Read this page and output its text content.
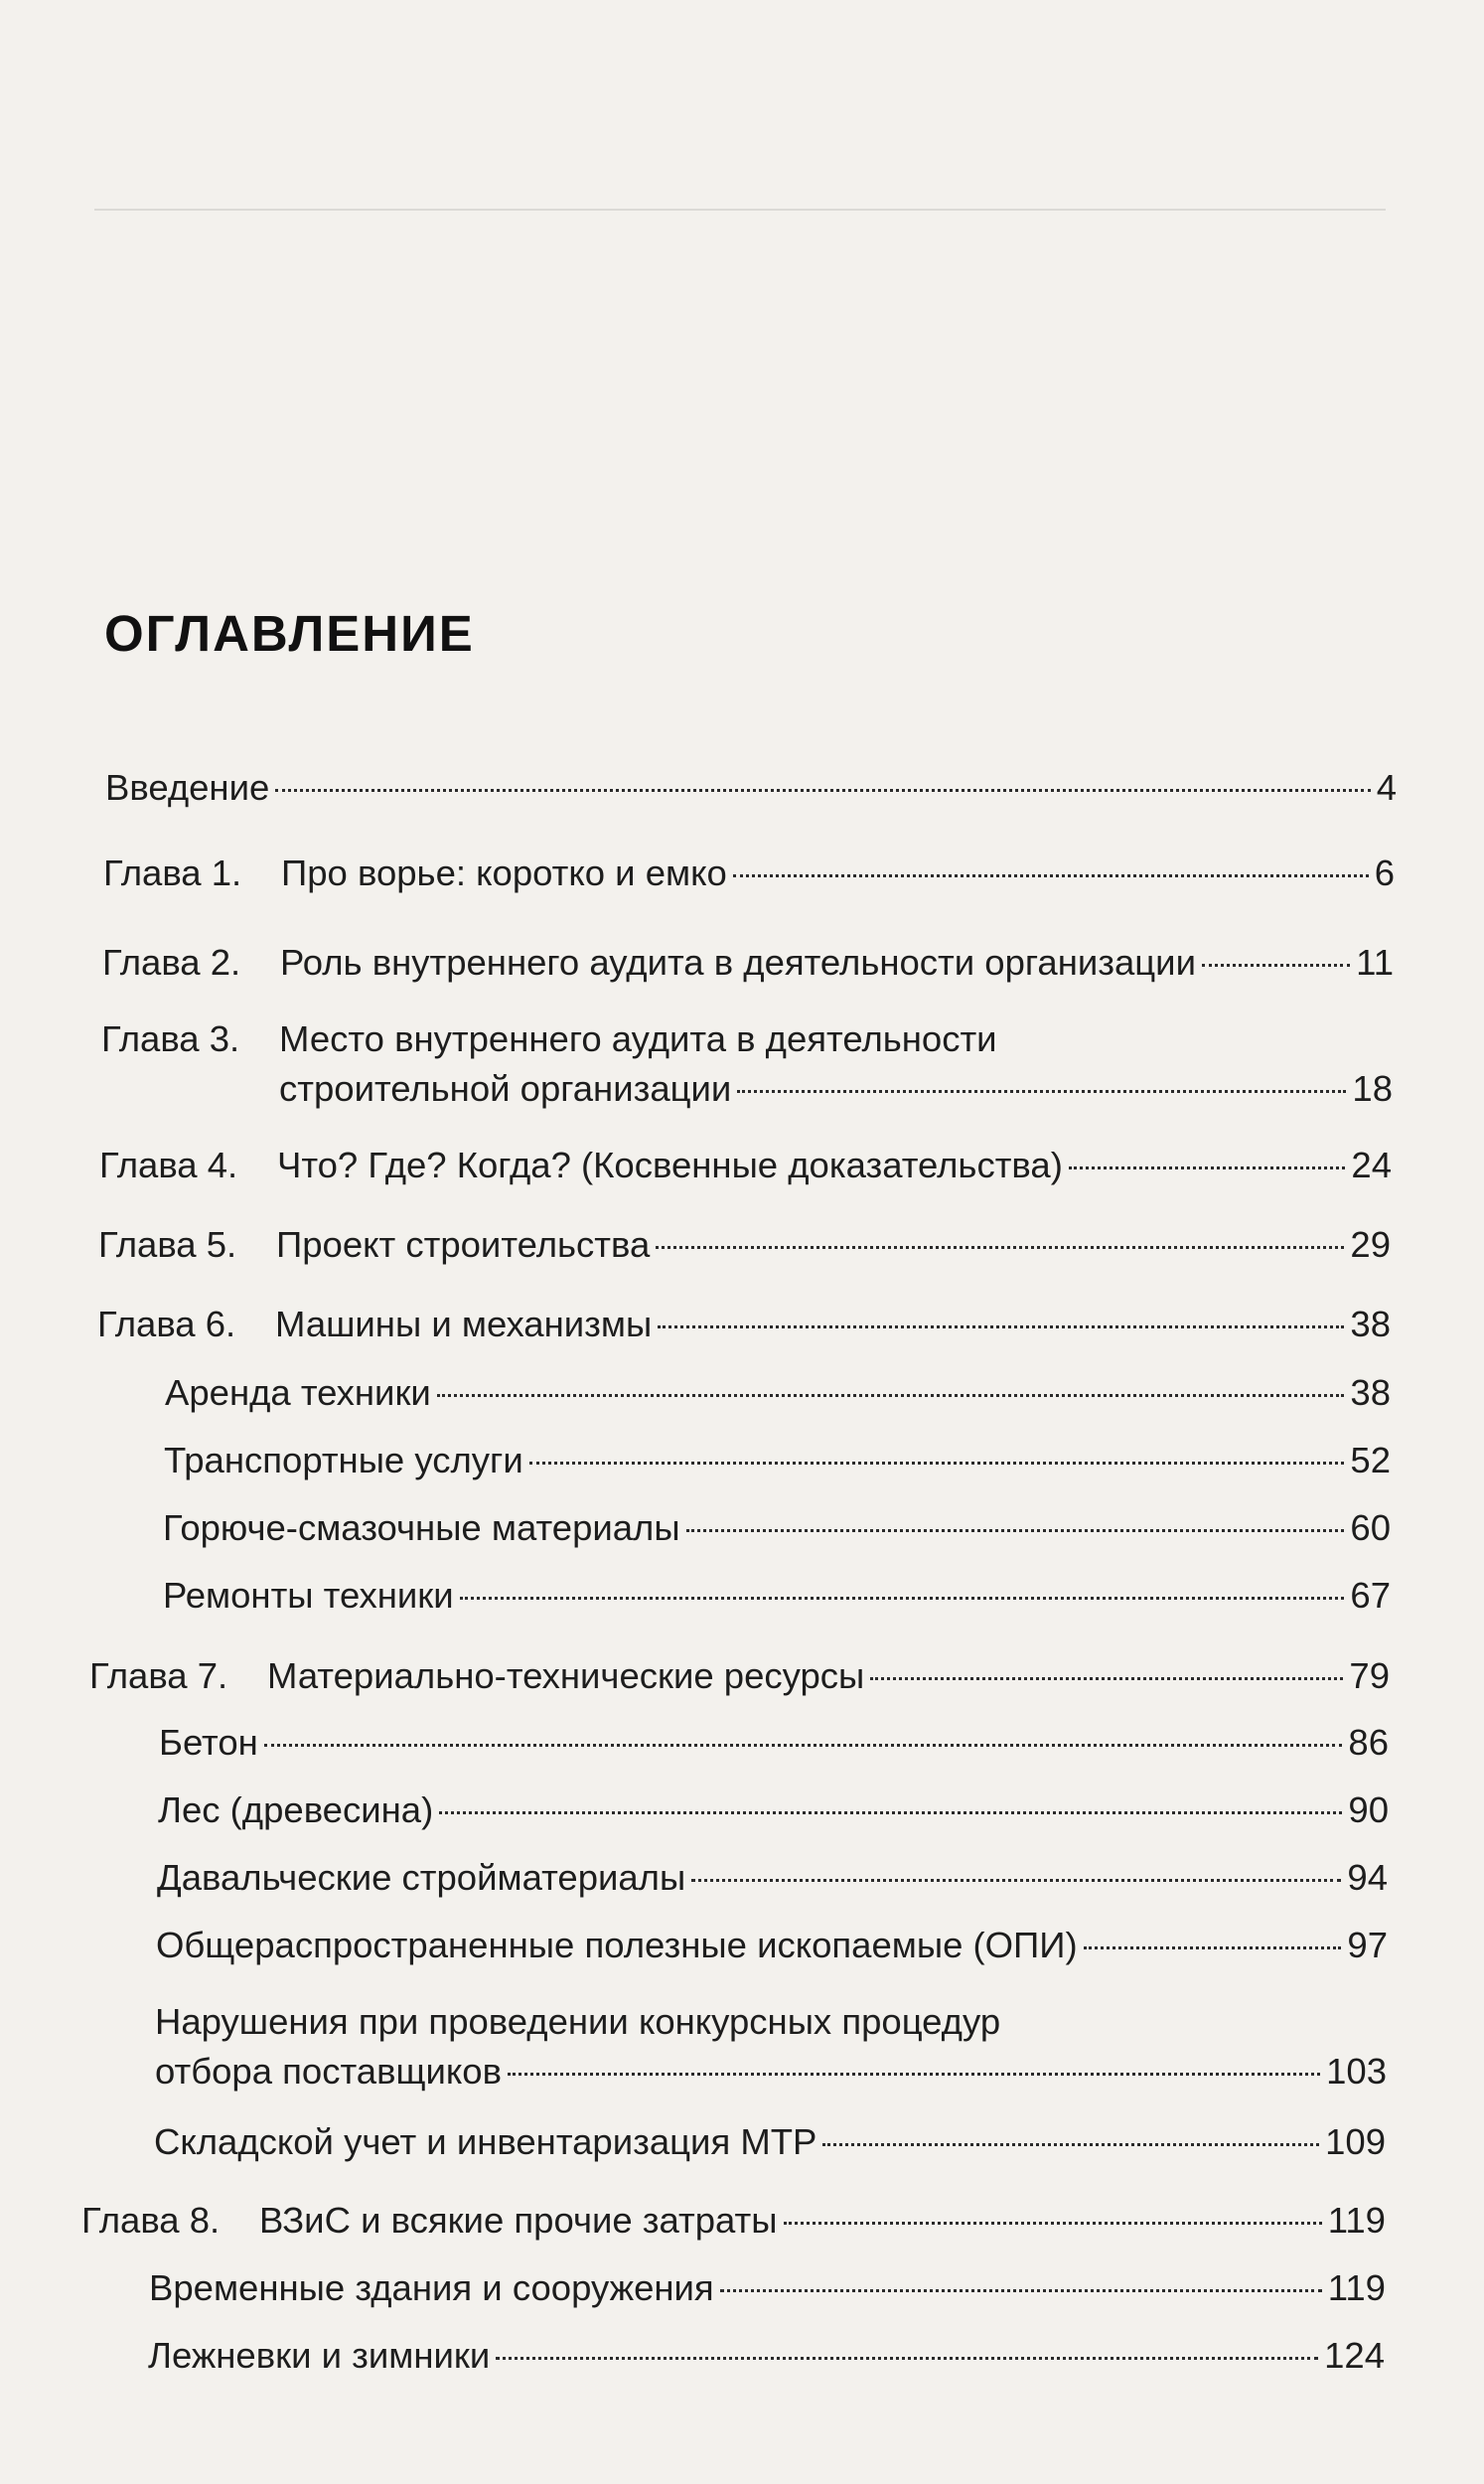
ОГЛАВЛЕНИЕ
Введение	4
Глава 1.	Про ворье: коротко и емко	6
Глава 2.	Роль внутреннего аудита в деятельности организации	11
Глава 3.	Место внутреннего аудита в деятельности
строительной организации	18
Глава 4.	Что? Где? Когда? (Косвенные доказательства)	24
Глава 5.	Проект строительства	29
Глава 6.	Машины и механизмы	38
Аренда техники	38
Транспортные услуги	52
Горюче-смазочные материалы	60
Ремонты техники	67
Глава 7.	Материально-технические ресурсы	79
Бетон	86
Лес (древесина)	90
Давальческие стройматериалы	94
Общераспространенные полезные ископаемые (ОПИ)	97
Нарушения при проведении конкурсных процедур
отбора поставщиков	103
Складской учет и инвентаризация МТР	109
Глава 8.	ВЗиС и всякие прочие затраты	119
Временные здания и сооружения	119
Лежневки и зимники	124
